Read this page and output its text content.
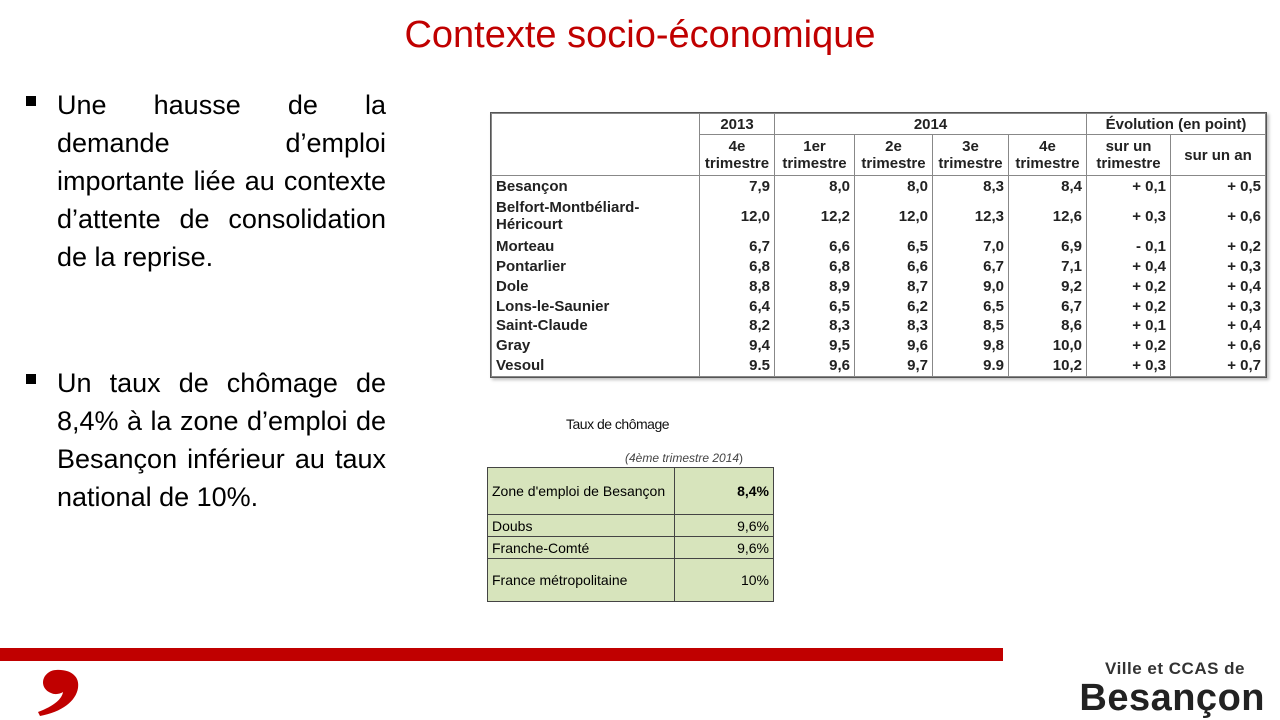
Contexte socio-économique
Une hausse de la demande d’emploi importante liée au contexte d’attente de consolidation de la reprise.
Un taux de chômage de 8,4% à la zone d’emploi de Besançon inférieur au taux national de 10%.
	2013	2014				Évolution (en point)	
	4e trimestre	1er trimestre	2e trimestre	3e trimestre	4e trimestre	sur un trimestre	sur un an
Besançon	7,9	8,0	8,0	8,3	8,4	+ 0,1	+ 0,5
Belfort-Montbéliard-Héricourt	12,0	12,2	12,0	12,3	12,6	+ 0,3	+ 0,6
Morteau	6,7	6,6	6,5	7,0	6,9	- 0,1	+ 0,2
Pontarlier	6,8	6,8	6,6	6,7	7,1	+ 0,4	+ 0,3
Dole	8,8	8,9	8,7	9,0	9,2	+ 0,2	+ 0,4
Lons-le-Saunier	6,4	6,5	6,2	6,5	6,7	+ 0,2	+ 0,3
Saint-Claude	8,2	8,3	8,3	8,5	8,6	+ 0,1	+ 0,4
Gray	9,4	9,5	9,6	9,8	10,0	+ 0,2	+ 0,6
Vesoul	9.5	9,6	9,7	9.9	10,2	+ 0,3	+ 0,7
Taux de chômage
(4ème trimestre 2014)
Zone d'emploi de Besançon	8,4%
Doubs	9,6%
Franche-Comté	9,6%
France métropolitaine	10%
Ville et CCAS de
Besançon
